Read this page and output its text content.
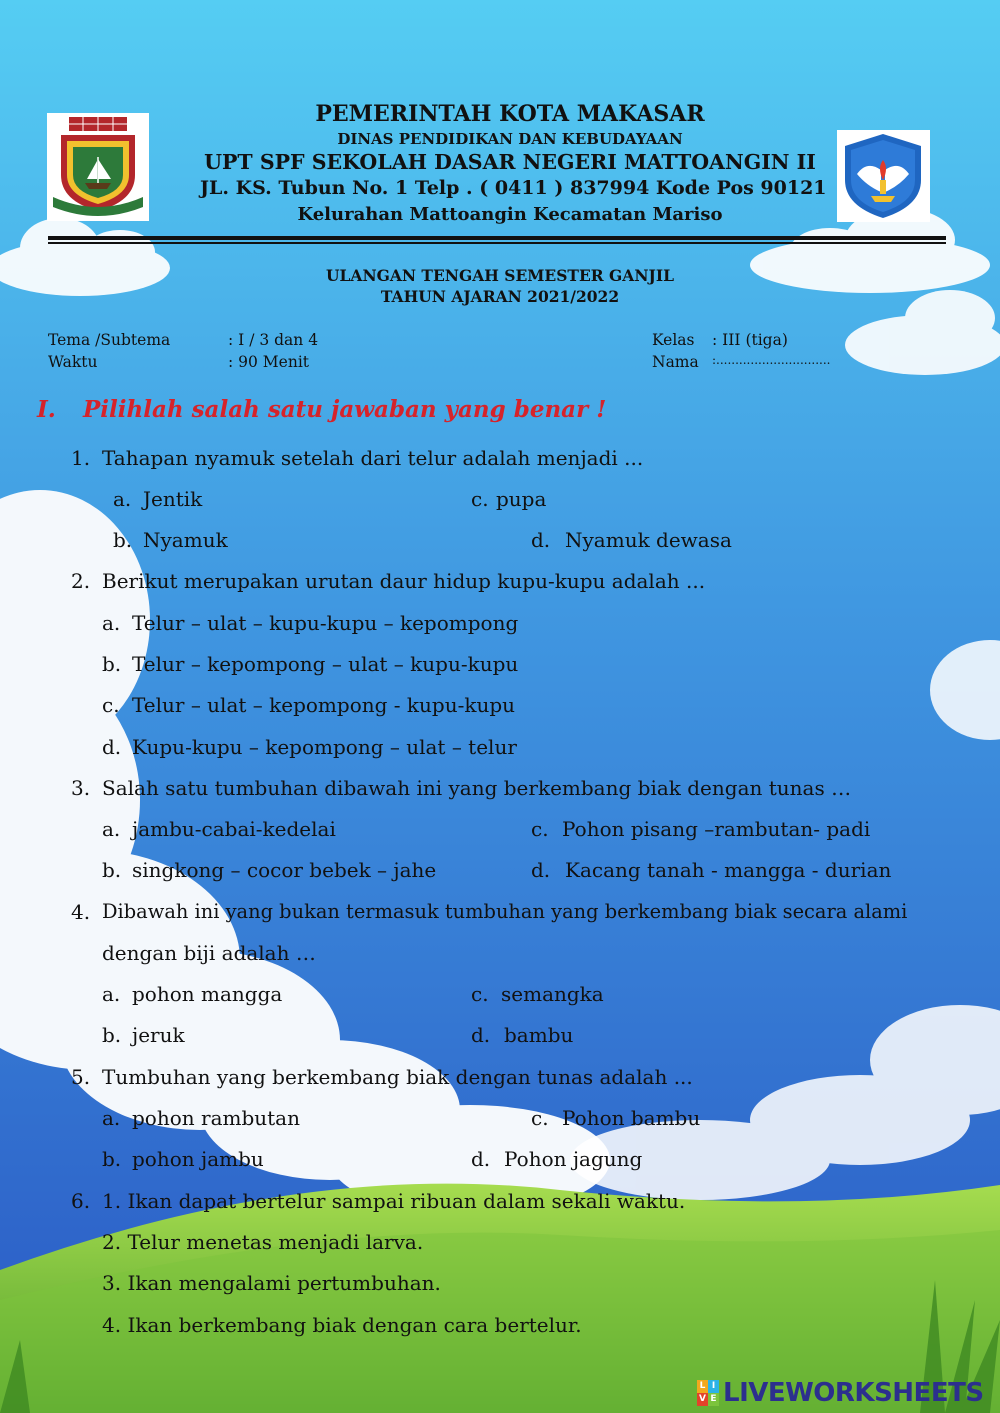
PEMERINTAH KOTA MAKASAR
DINAS PENDIDIKAN DAN KEBUDAYAAN
UPT SPF SEKOLAH DASAR NEGERI MATTOANGIN II
JL. KS. Tubun No. 1 Telp . ( 0411 ) 837994 Kode Pos 90121
Kelurahan Mattoangin Kecamatan Mariso
ULANGAN TENGAH SEMESTER GANJIL
TAHUN AJARAN 2021/2022
Tema /Subtema	: I / 3 dan 4
Waktu	: 90 Menit
Kelas : III (tiga)
Nama :..............................
I. Pilihlah salah satu jawaban yang benar !
1. Tahapan nyamuk setelah dari telur adalah menjadi ...
a. Jentik	c. pupa
b. Nyamuk	d. Nyamuk dewasa
2. Berikut merupakan urutan daur hidup kupu-kupu adalah ...
a. Telur – ulat – kupu-kupu – kepompong
b. Telur – kepompong – ulat – kupu-kupu
c. Telur – ulat – kepompong - kupu-kupu
d. Kupu-kupu – kepompong – ulat – telur
3. Salah satu tumbuhan dibawah ini yang berkembang biak dengan tunas …
a. jambu-cabai-kedelai	c. Pohon pisang –rambutan- padi
b. singkong – cocor bebek – jahe	d. Kacang tanah - mangga - durian
4. Dibawah ini yang bukan termasuk tumbuhan yang berkembang biak secara alami
dengan biji adalah …
a. pohon mangga	c. semangka
b. jeruk	d. bambu
5. Tumbuhan yang berkembang biak dengan tunas adalah ...
a. pohon rambutan	c. Pohon bambu
b. pohon jambu	d. Pohon jagung
6. 1. Ikan dapat bertelur sampai ribuan dalam sekali waktu.
2. Telur menetas menjadi larva.
3. Ikan mengalami pertumbuhan.
4. Ikan berkembang biak dengan cara bertelur.
L I
V E LIVEWORKSHEETS
